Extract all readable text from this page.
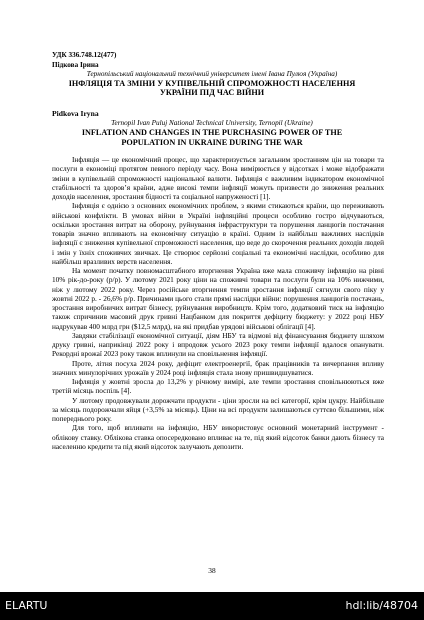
УДК 336.748.12(477)
Підкова Ірина
Тернопільський національний технічний університет імені Івана Пулюя (Україна)
ІНФЛЯЦІЯ ТА ЗМІНИ У КУПІВЕЛЬНІЙ СПРОМОЖНОСТІ НАСЕЛЕННЯ
УКРАЇНИ ПІД ЧАС ВІЙНИ
Pidkova Iryna
Ternopil Ivan Puluj National Technical University, Ternopil (Ukraine)
INFLATION AND CHANGES IN THE PURCHASING POWER OF THE
POPULATION IN UKRAINE DURING THE WAR

Інфляція — це економічний процес, що характеризується загальним зростанням цін на товари та послуги в економіці протягом певного періоду часу. Вона вимірюється у відсотках і може відображати зміни в купівельній спроможності національної валюти. Інфляція є важливим індикатором економічної стабільності та здоров’я країни, адже високі темпи інфляції можуть призвести до зниження реальних доходів населення, зростання бідності та соціальної напруженості [1].

Інфляція є однією з основних економічних проблем, з якими стикаються країни, що переживають військові конфлікти. В умовах війни в Україні інфляційні процеси особливо гостро відчуваються, оскільки зростання витрат на оборону, руйнування інфраструктури та порушення ланцюгів постачання товарів значно впливають на економічну ситуацію в країні. Одним із найбільш важливих наслідків інфляції є зниження купівельної спроможності населення, що веде до скорочення реальних доходів людей і змін у їхніх споживчих звичках. Це створює серйозні соціальні та економічні наслідки, особливо для найбільш вразливих верств населення.

На момент початку повномасштабного вторгнення Україна вже мала споживчу інфляцію на рівні 10% рік-до-року (р/р). У лютому 2021 року ціни на споживчі товари та послуги були на 10% нижчими, ніж у лютому 2022 року. Через російське вторгнення темпи зростання інфляції сягнули свого піку у жовтні 2022 р. - 26,6% р/р. Причинами цього стали прямі наслідки війни: порушення ланцюгів постачань, зростання виробничих витрат бізнесу, руйнування виробництв. Крім того, додатковий тиск на інфляцію також спричинив масовий друк гривні Нацбанком для покриття дефіциту бюджету: у 2022 році НБУ надрукував 400 млрд грн ($12,5 млрд), на які придбав урядові військові облігації [4].

Завдяки стабілізації економічної ситуації, діям НБУ та відмові від фінансування бюджету шляхом друку гривні, наприкінці 2022 року і впродовж усього 2023 року темпи інфляції вдалося опанувати. Рекордні врожаї 2023 року також вплинули на сповільнення інфляції.

Проте, літня посуха 2024 року, дефіцит електроенергії, брак працівників та вичерпання впливу значних минулорічних урожаїв у 2024 році інфляція стала знову пришвидшуватися.

Інфляція у жовтні зросла до 13,2% у річному вимірі, але темпи зростання сповільнюються вже третій місяць поспіль [4].

У лютому продовжували дорожчати продукти - ціни зросли на всі категорії, крім цукру. Найбільше за місяць подорожчали яйця (+3,5% за місяць). Ціни на всі продукти залишаються суттєво більшими, ніж попереднього року.

Для того, щоб впливати на інфляцію, НБУ використовує основний монетарний інструмент - облікову ставку. Облікова ставка опосередковано впливає на те, під який відсоток банки дають бізнесу та населенню кредити та під який відсоток залучають депозити.

38
ELARTU	hdl:lib/48704
